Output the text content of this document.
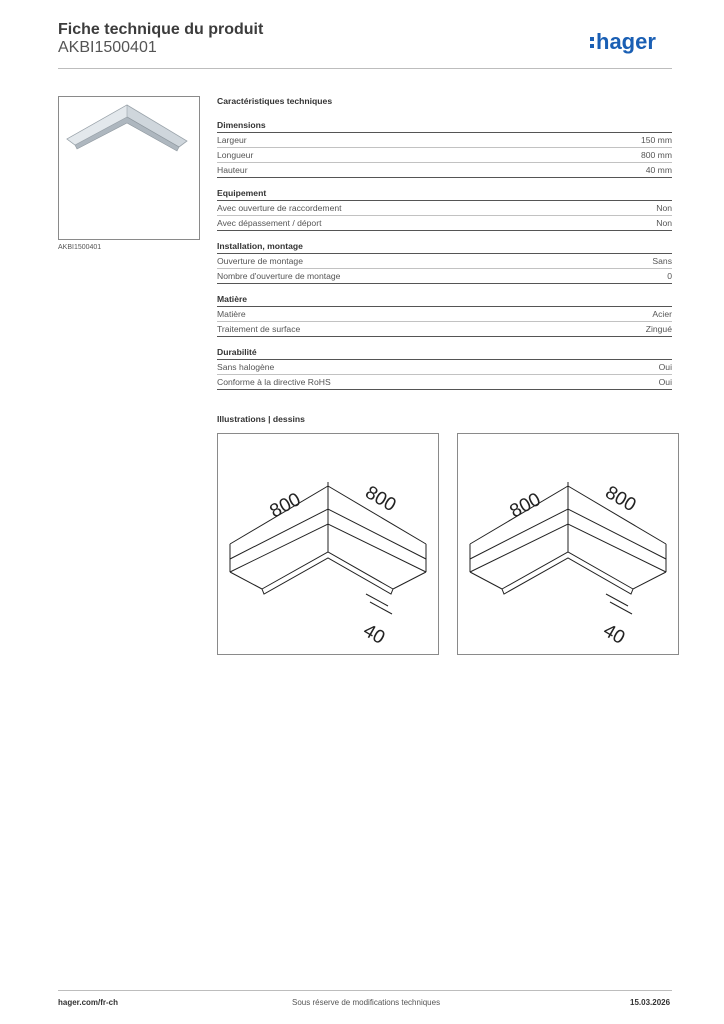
Fiche technique du produit
AKBI1500401	hager
AKBI1500401
Caractéristiques techniques
Dimensions
Largeur	150 mm
Longueur	800 mm
Hauteur	40 mm
Equipement
Avec ouverture de raccordement	Non
Avec dépassement / déport	Non
Installation, montage
Ouverture de montage	Sans
Nombre d'ouverture de montage	0
Matière
Matière	Acier
Traitement de surface	Zingué
Durabilité
Sans halogène	Oui
Conforme à la directive RoHS	Oui
Illustrations | dessins
800	800
40
800	800
40
hager.com/fr-ch	Sous réserve de modifications techniques	15.03.2026
